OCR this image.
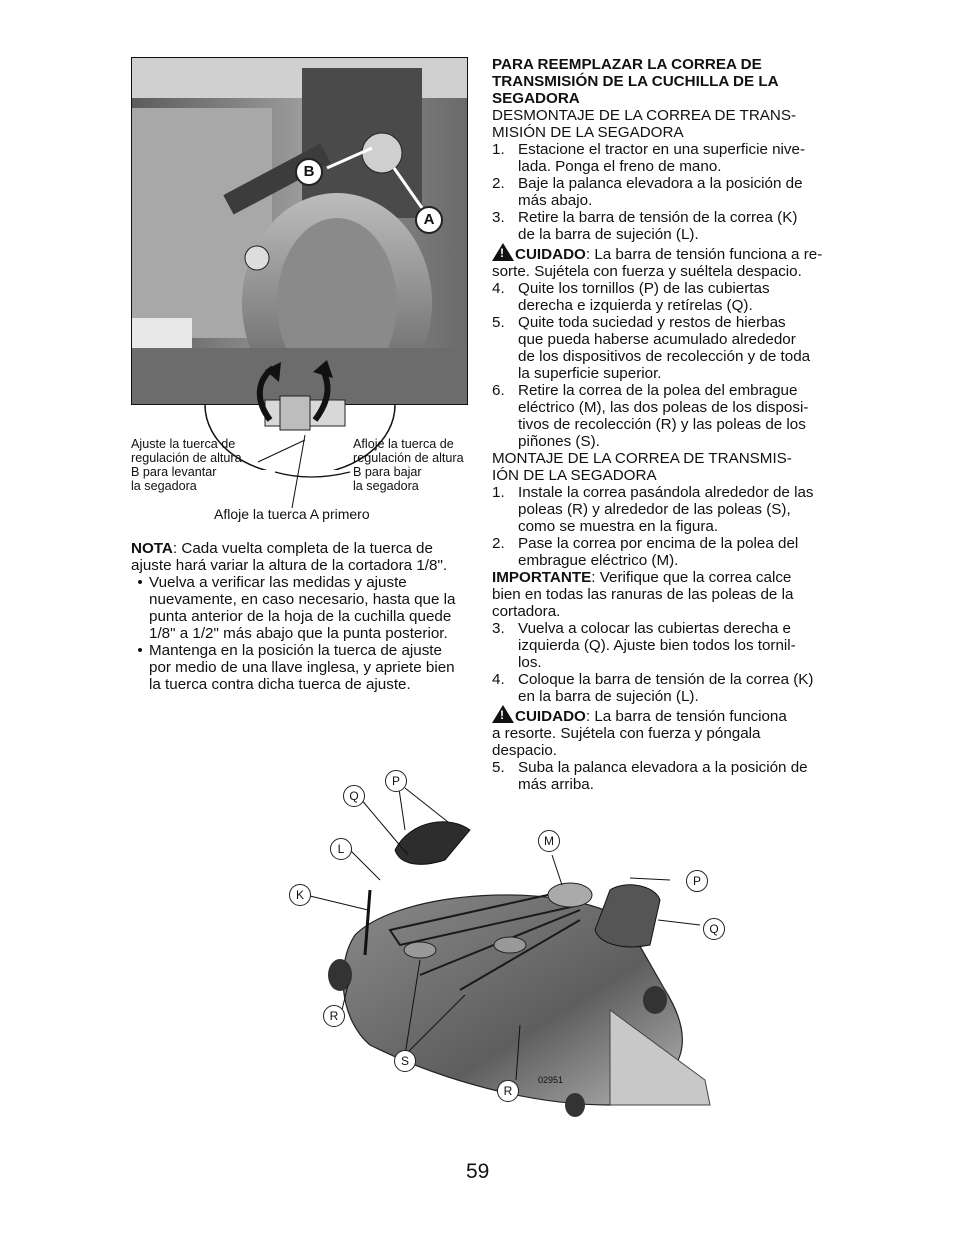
B
A
Ajuste la tuerca de
regulación de altura
B para levantar
la segadora
Afloje la tuerca de
regulación de altura
B para bajar
la segadora
Afloje la tuerca A primero
NOTA: Cada vuelta completa de la tuerca de
ajuste hará variar la altura de la cortadora 1/8".
• Vuelva a verificar las medidas y ajuste
nuevamente, en caso necesario, hasta que la
punta anterior de la hoja de la cuchilla quede
1/8" a 1/2" más abajo que la punta posterior.
• Mantenga en la posición la tuerca de ajuste
por medio de una llave inglesa, y apriete bien
la tuerca contra dicha tuerca de ajuste.
PARA REEMPLAZAR LA CORREA DE
TRANSMISIÓN DE LA CUCHILLA DE LA
SEGADORA
DESMONTAJE DE LA CORREA DE TRANS-
MISIÓN DE LA SEGADORA
1. Estacione el tractor en una superficie nive-
lada. Ponga el freno de mano.
2. Baje la palanca elevadora a la posición de
más abajo.
3. Retire la barra de tensión de la correa (K)
de la barra de sujeción (L).
!CUIDADO: La barra de tensión funciona a re-
sorte. Sujétela con fuerza y suéltela despacio.
4. Quite los tornillos (P) de las cubiertas
derecha e izquierda y retírelas (Q).
5. Quite toda suciedad y restos de hierbas
que pueda haberse acumulado alrededor
de los dispositivos de recolección y de toda
la superficie superior.
6. Retire la correa de la polea del embrague
eléctrico (M), las dos poleas de los disposi-
tivos de recolección (R) y las poleas de los
piñones (S).
MONTAJE DE LA CORREA DE TRANSMIS-
IÓN DE LA SEGADORA
1. Instale la correa pasándola alrededor de las
poleas (R) y alrededor de las poleas (S),
como se muestra en la figura.
2. Pase la correa por encima de la polea del
embrague eléctrico (M).
IMPORTANTE: Verifique que la correa calce
bien en todas las ranuras de las poleas de la
cortadora.
3. Vuelva a colocar las cubiertas derecha e
izquierda (Q). Ajuste bien todos los tornil-
los.
4. Coloque la barra de tensión de la correa (K)
en la barra de sujeción (L).
!CUIDADO: La barra de tensión funciona
a resorte. Sujétela con fuerza y póngala
despacio.
5. Suba la palanca elevadora a la posición de
más arriba.
P
Q
L
K
M
P
Q
R
S
R
02951
59
